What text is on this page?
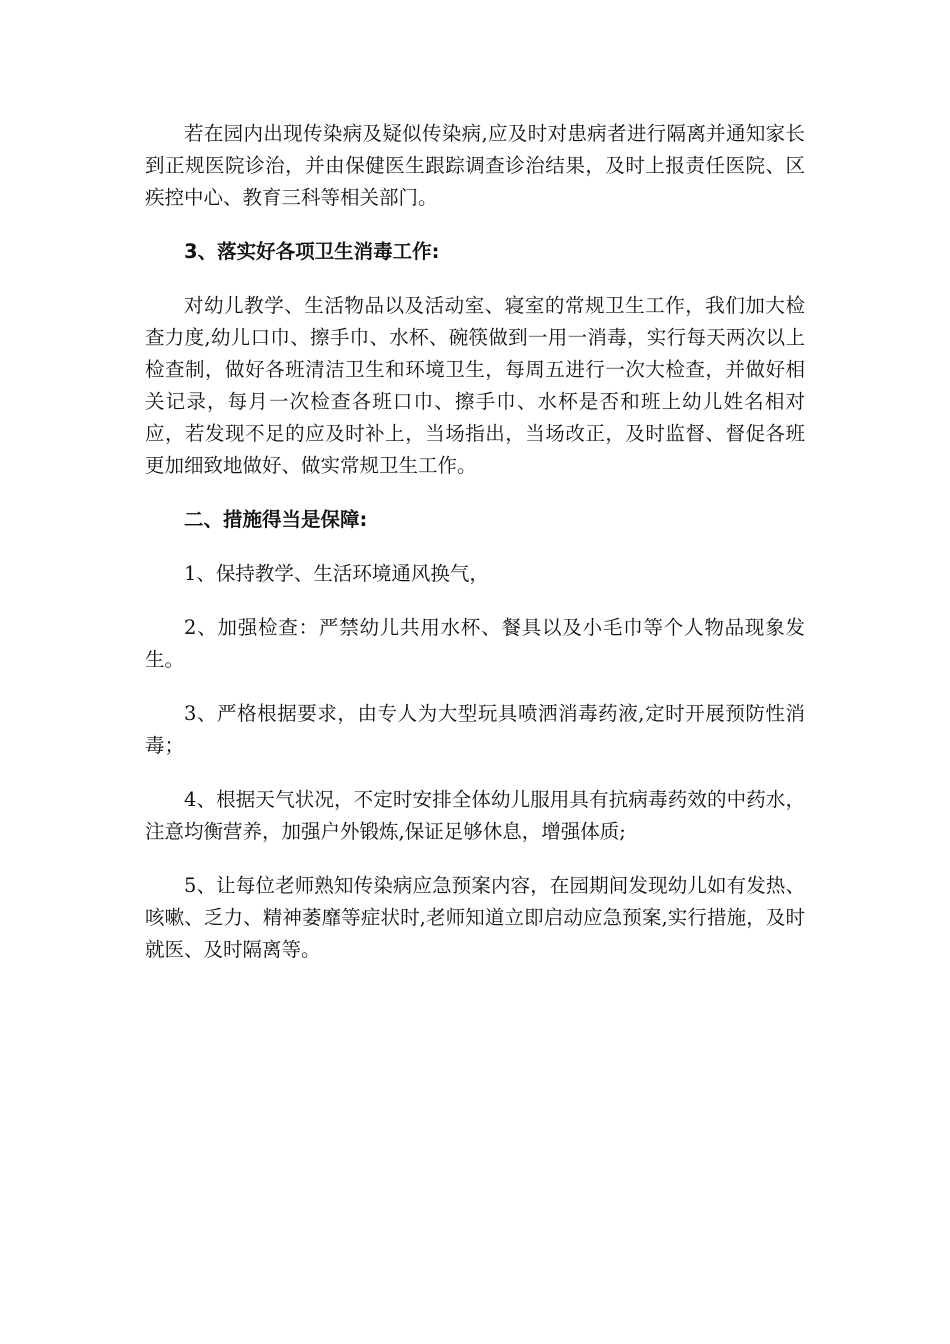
若在园内出现传染病及疑似传染病,应及时对患病者进行隔离并通知家长到正规医院诊治，并由保健医生跟踪调查诊治结果，及时上报责任医院、区疾控中心、教育三科等相关部门。

3、落实好各项卫生消毒工作:

对幼儿教学、生活物品以及活动室、寝室的常规卫生工作，我们加大检查力度,幼儿口巾、擦手巾、水杯、碗筷做到一用一消毒，实行每天两次以上检查制，做好各班清洁卫生和环境卫生，每周五进行一次大检查，并做好相关记录，每月一次检查各班口巾、擦手巾、水杯是否和班上幼儿姓名相对应，若发现不足的应及时补上，当场指出，当场改正，及时监督、督促各班更加细致地做好、做实常规卫生工作。

二、措施得当是保障:

1、保持教学、生活环境通风换气，

2、加强检查：严禁幼儿共用水杯、餐具以及小毛巾等个人物品现象发生。

3、严格根据要求，由专人为大型玩具喷洒消毒药液,定时开展预防性消毒；

4、根据天气状况，不定时安排全体幼儿服用具有抗病毒药效的中药水，注意均衡营养，加强户外锻炼,保证足够休息，增强体质;

5、让每位老师熟知传染病应急预案内容，在园期间发现幼儿如有发热、咳嗽、乏力、精神萎靡等症状时,老师知道立即启动应急预案,实行措施，及时就医、及时隔离等。
